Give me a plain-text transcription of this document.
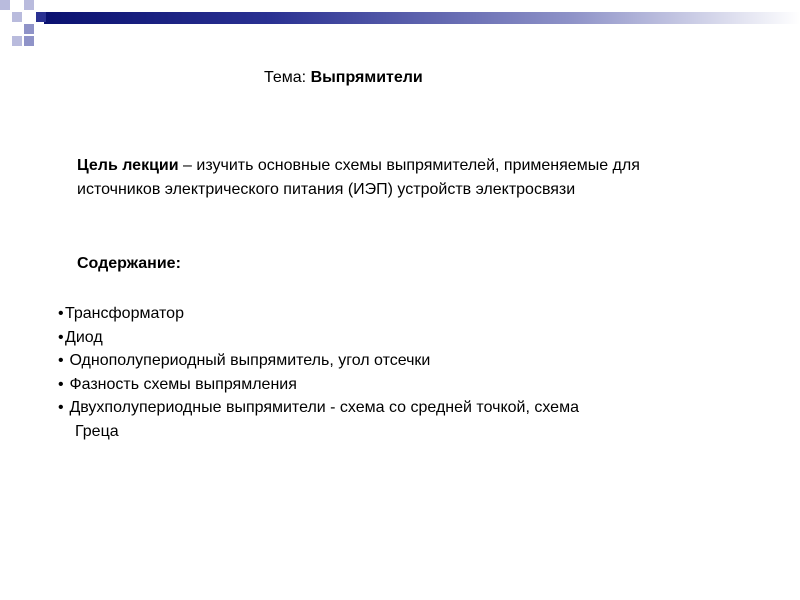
Тема: Выпрямители
Цель лекции – изучить основные схемы выпрямителей, применяемые для источников электрического питания (ИЭП) устройств электросвязи
Содержание:
•Трансформатор
•Диод
• Однополупериодный выпрямитель, угол отсечки
• Фазность схемы выпрямления
• Двухполупериодные выпрямители - схема со средней точкой, схема
Греца
